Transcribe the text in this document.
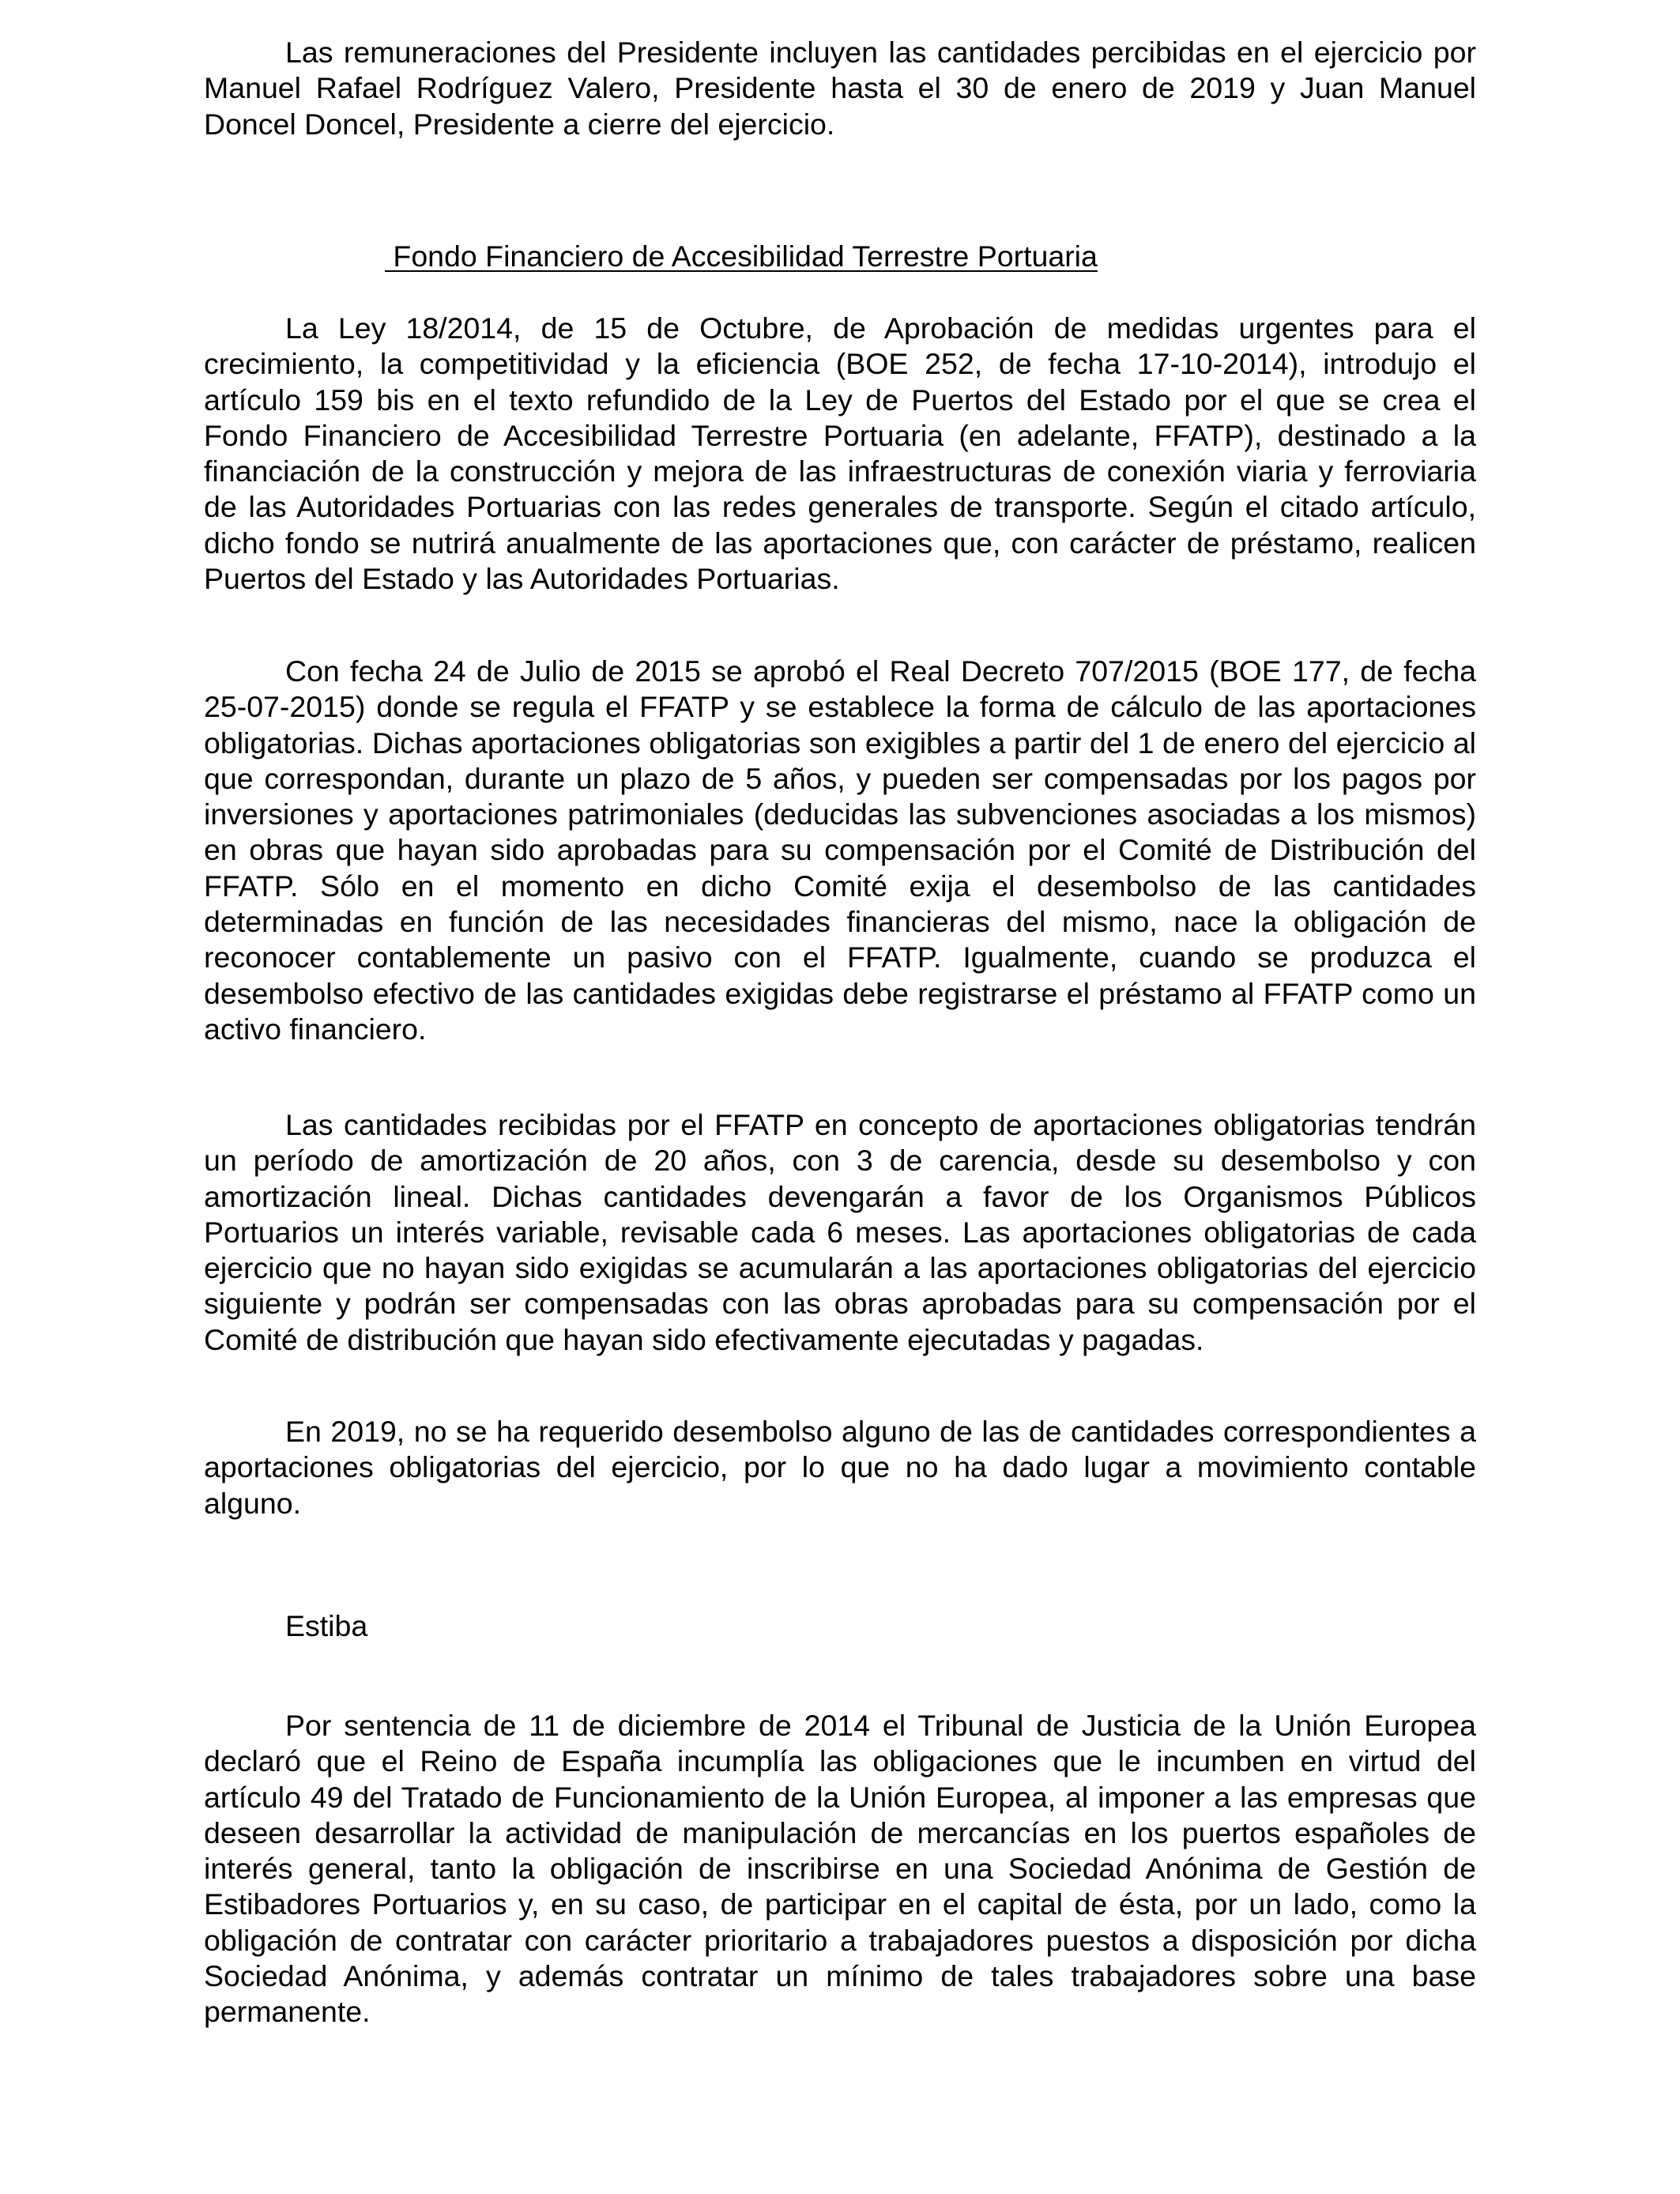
Las remuneraciones del Presidente incluyen las cantidades percibidas en el ejercicio por Manuel Rafael Rodríguez Valero, Presidente hasta el 30 de enero de 2019 y Juan Manuel Doncel Doncel, Presidente a cierre del ejercicio.

Fondo Financiero de Accesibilidad Terrestre Portuaria

La Ley 18/2014, de 15 de Octubre, de Aprobación de medidas urgentes para el crecimiento, la competitividad y la eficiencia (BOE 252, de fecha 17-10-2014), introdujo el artículo 159 bis en el texto refundido de la Ley de Puertos del Estado por el que se crea el Fondo Financiero de Accesibilidad Terrestre Portuaria (en adelante, FFATP), destinado a la financiación de la construcción y mejora de las infraestructuras de conexión viaria y ferroviaria de las Autoridades Portuarias con las redes generales de transporte. Según el citado artículo, dicho fondo se nutrirá anualmente de las aportaciones que, con carácter de préstamo, realicen Puertos del Estado y las Autoridades Portuarias.

Con fecha 24 de Julio de 2015 se aprobó el Real Decreto 707/2015 (BOE 177, de fecha 25-07-2015) donde se regula el FFATP y se establece la forma de cálculo de las aportaciones obligatorias. Dichas aportaciones obligatorias son exigibles a partir del 1 de enero del ejercicio al que correspondan, durante un plazo de 5 años, y pueden ser compensadas por los pagos por inversiones y aportaciones patrimoniales (deducidas las subvenciones asociadas a los mismos) en obras que hayan sido aprobadas para su compensación por el Comité de Distribución del FFATP. Sólo en el momento en dicho Comité exija el desembolso de las cantidades determinadas en función de las necesidades financieras del mismo, nace la obligación de reconocer contablemente un pasivo con el FFATP. Igualmente, cuando se produzca el desembolso efectivo de las cantidades exigidas debe registrarse el préstamo al FFATP como un activo financiero.

Las cantidades recibidas por el FFATP en concepto de aportaciones obligatorias tendrán un período de amortización de 20 años, con 3 de carencia, desde su desembolso y con amortización lineal. Dichas cantidades devengarán a favor de los Organismos Públicos Portuarios un interés variable, revisable cada 6 meses. Las aportaciones obligatorias de cada ejercicio que no hayan sido exigidas se acumularán a las aportaciones obligatorias del ejercicio siguiente y podrán ser compensadas con las obras aprobadas para su compensación por el Comité de distribución que hayan sido efectivamente ejecutadas y pagadas.

En 2019, no se ha requerido desembolso alguno de las de cantidades correspondientes a aportaciones obligatorias del ejercicio, por lo que no ha dado lugar a movimiento contable alguno.

Estiba

Por sentencia de 11 de diciembre de 2014 el Tribunal de Justicia de la Unión Europea declaró que el Reino de España incumplía las obligaciones que le incumben en virtud del artículo 49 del Tratado de Funcionamiento de la Unión Europea, al imponer a las empresas que deseen desarrollar la actividad de manipulación de mercancías en los puertos españoles de interés general, tanto la obligación de inscribirse en una Sociedad Anónima de Gestión de Estibadores Portuarios y, en su caso, de participar en el capital de ésta, por un lado, como la obligación de contratar con carácter prioritario a trabajadores puestos a disposición por dicha Sociedad Anónima, y además contratar un mínimo de tales trabajadores sobre una base permanente.
